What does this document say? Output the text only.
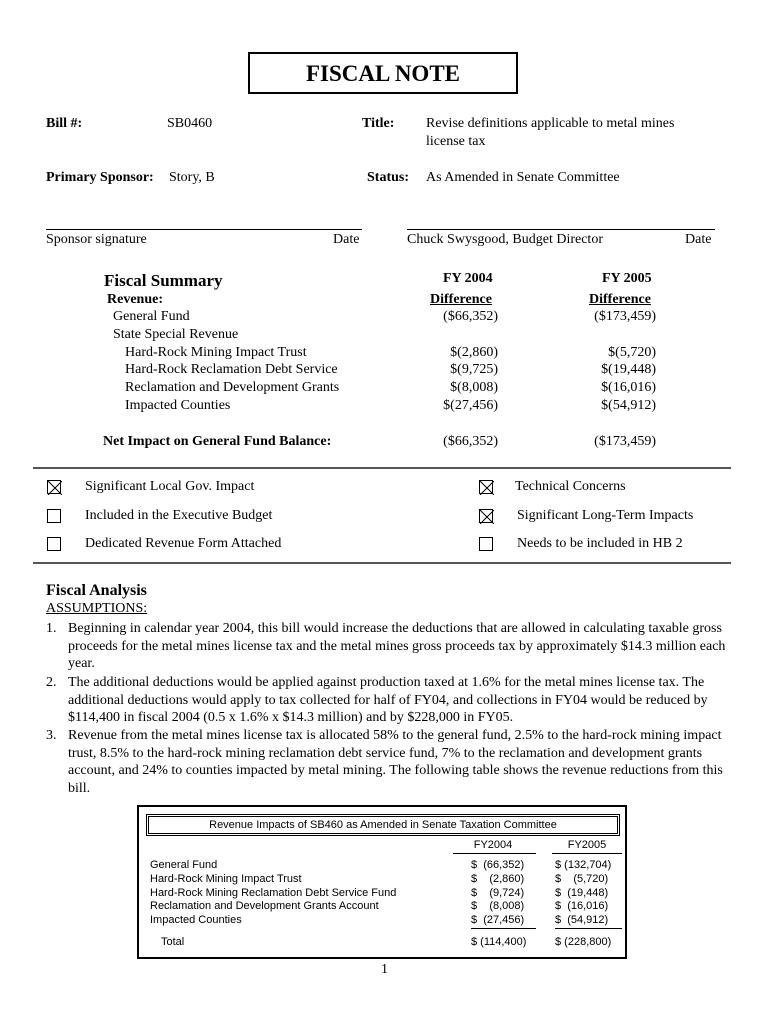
FISCAL NOTE
Bill #:	SB0460	Title: Revise definitions applicable to metal mines
license tax
Primary Sponsor: Story, B	Status: As Amended in Senate Committee
Sponsor signature	Date	Chuck Swysgood, Budget Director	Date
Fiscal Summary	FY 2004	FY 2005
Difference	Difference
Revenue:
General Fund	($66,352)	($173,459)
State Special Revenue
Hard-Rock Mining Impact Trust	$(2,860)	$(5,720)
Hard-Rock Reclamation Debt Service	$(9,725)	$(19,448)
Reclamation and Development Grants	$(8,008)	$(16,016)
Impacted Counties	$(27,456)	$(54,912)
Net Impact on General Fund Balance:	($66,352)	($173,459)
Significant Local Gov. Impact
Included in the Executive Budget
Dedicated Revenue Form Attached
Technical Concerns
Significant Long-Term Impacts
Needs to be included in HB 2
Fiscal Analysis
ASSUMPTIONS:
1. Beginning in calendar year 2004, this bill would increase the deductions that are allowed in calculating taxable gross proceeds for the metal mines license tax and the metal mines gross proceeds tax by approximately $14.3 million each year.
2. The additional deductions would be applied against production taxed at 1.6% for the metal mines license tax. The additional deductions would apply to tax collected for half of FY04, and collections in FY04 would be reduced by $114,400 in fiscal 2004 (0.5 x 1.6% x $14.3 million) and by $228,000 in FY05.
3. Revenue from the metal mines license tax is allocated 58% to the general fund, 2.5% to the hard-rock mining impact trust, 8.5% to the hard-rock mining reclamation debt service fund, 7% to the reclamation and development grants account, and 24% to counties impacted by metal mining. The following table shows the revenue reductions from this bill.
Revenue Impacts of SB460 as Amended in Senate Taxation Committee
FY2004	FY2005
General Fund	$  (66,352)	$ (132,704)
Hard-Rock Mining Impact Trust	$    (2,860)	$    (5,720)
Hard-Rock Mining Reclamation Debt Service Fund	$    (9,724)	$  (19,448)
Reclamation and Development Grants Account	$    (8,008)	$  (16,016)
Impacted Counties	$  (27,456)	$  (54,912)
Total	$ (114,400)	$ (228,800)
1
